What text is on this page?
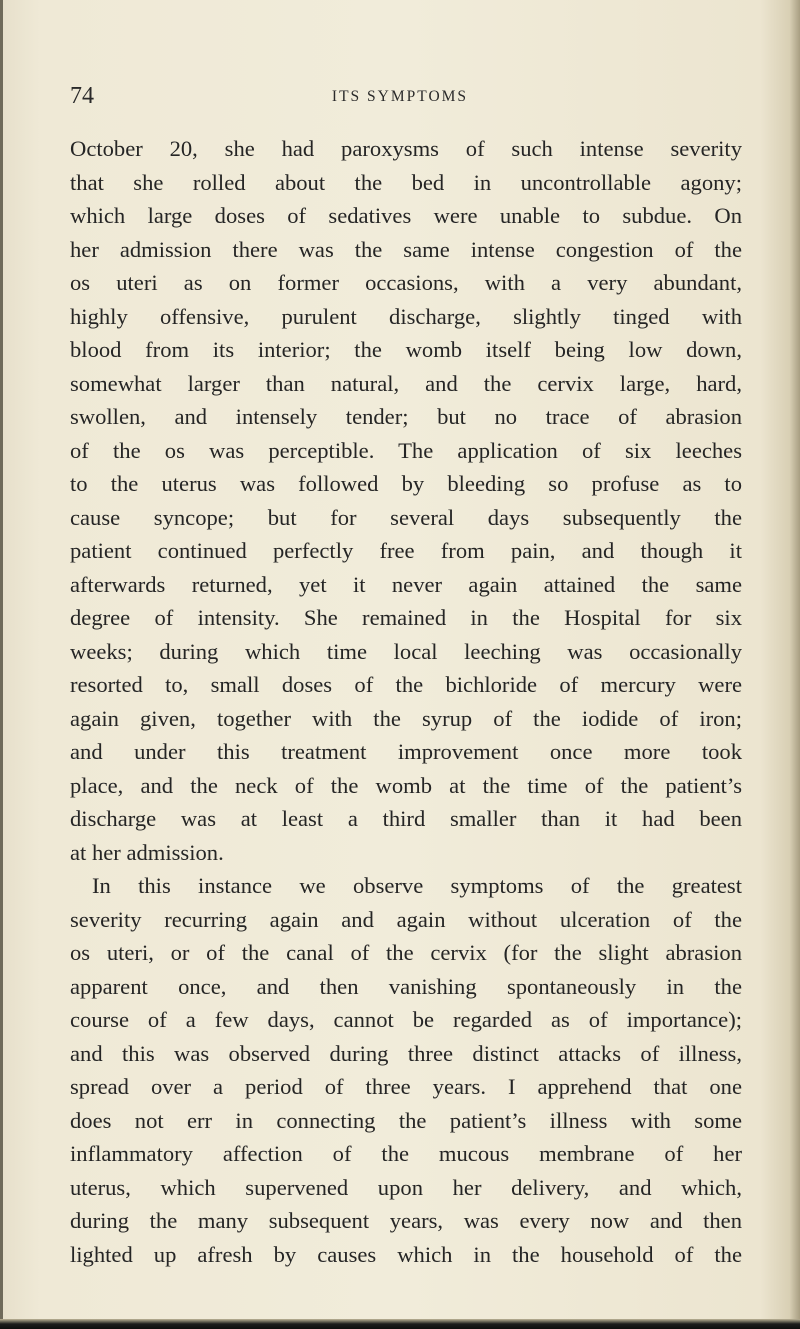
74	ITS SYMPTOMS

October 20, she had paroxysms of such intense severity
that she rolled about the bed in uncontrollable agony;
which large doses of sedatives were unable to subdue. On
her admission there was the same intense congestion of the
os uteri as on former occasions, with a very abundant,
highly offensive, purulent discharge, slightly tinged with
blood from its interior; the womb itself being low down,
somewhat larger than natural, and the cervix large, hard,
swollen, and intensely tender; but no trace of abrasion
of the os was perceptible. The application of six leeches
to the uterus was followed by bleeding so profuse as to
cause syncope; but for several days subsequently the
patient continued perfectly free from pain, and though it
afterwards returned, yet it never again attained the same
degree of intensity. She remained in the Hospital for six
weeks; during which time local leeching was occasionally
resorted to, small doses of the bichloride of mercury were
again given, together with the syrup of the iodide of iron;
and under this treatment improvement once more took
place, and the neck of the womb at the time of the patient’s
discharge was at least a third smaller than it had been
at her admission.
In this instance we observe symptoms of the greatest
severity recurring again and again without ulceration of the
os uteri, or of the canal of the cervix (for the slight abrasion
apparent once, and then vanishing spontaneously in the
course of a few days, cannot be regarded as of importance);
and this was observed during three distinct attacks of illness,
spread over a period of three years. I apprehend that one
does not err in connecting the patient’s illness with some
inflammatory affection of the mucous membrane of her
uterus, which supervened upon her delivery, and which,
during the many subsequent years, was every now and then
lighted up afresh by causes which in the household of the
